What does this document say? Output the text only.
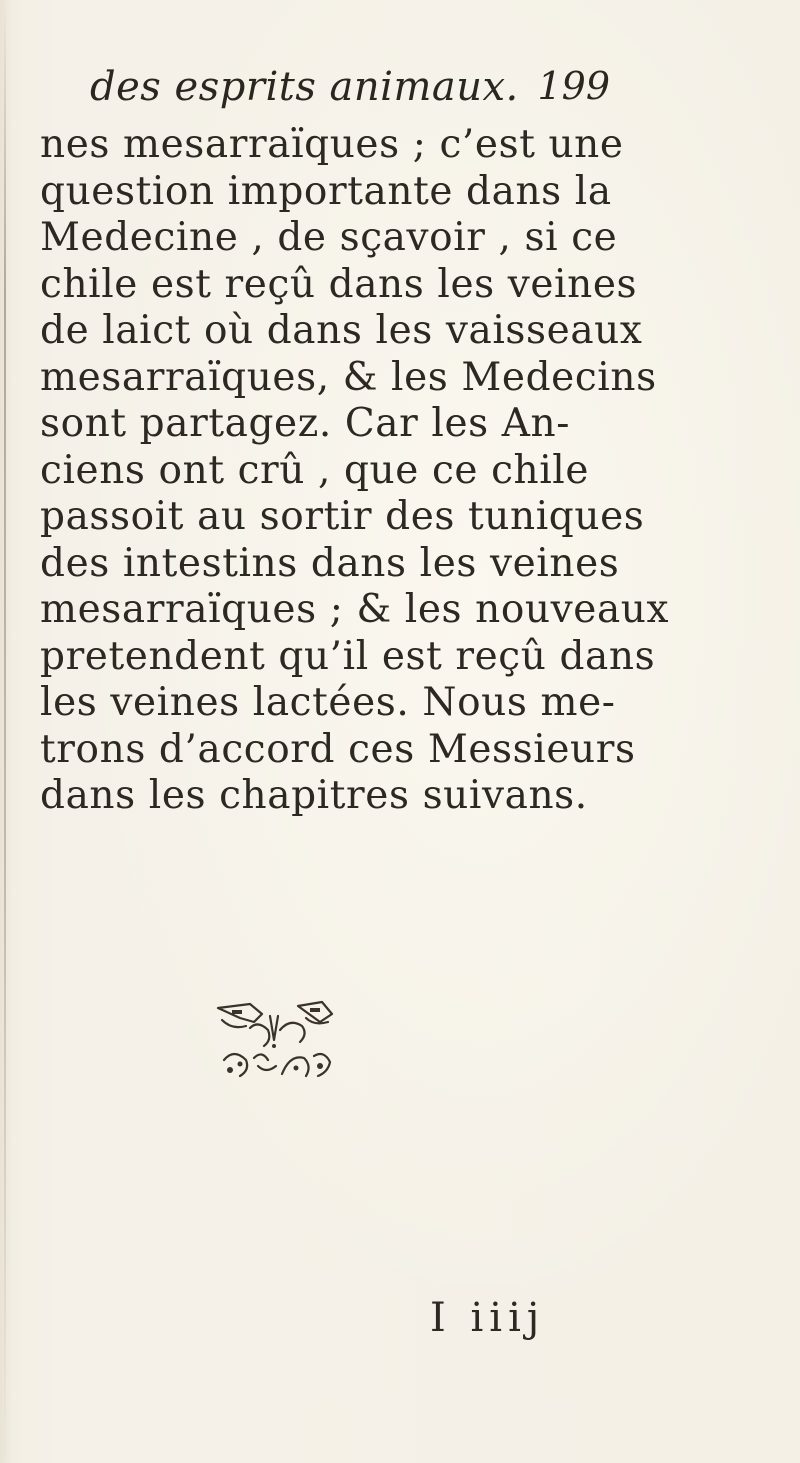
des esprits animaux. 199
nes mesarraïques ; c’est une
question importante dans la
Medecine , de sçavoir , si ce
chile est reçû dans les veines
de laict où dans les vaisseaux
mesarraïques, & les Medecins
sont partagez. Car les An-
ciens ont crû , que ce chile
passoit au sortir des tuniques
des intestins dans les veines
mesarraïques ; & les nouveaux
pretendent qu’il est reçû dans
les veines lactées. Nous me-
trons d’accord ces Messieurs
dans les chapitres suivans.
I iiij
